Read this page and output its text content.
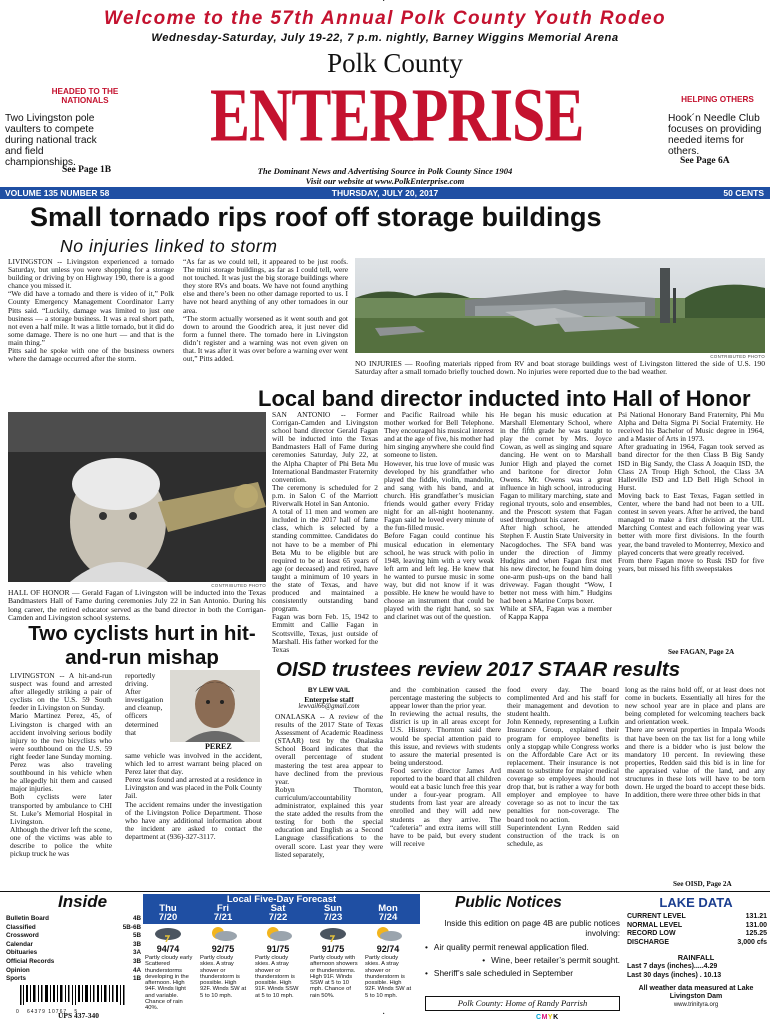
·
Welcome to the 57th Annual Polk County Youth Rodeo
Wednesday-Saturday, July 19-22, 7 p.m. nightly, Barney Wiggins Memorial Arena
Polk County
ENTERPRISE
The Dominant News and Advertising Source in Polk County Since 1904
Visit our website at www.PolkEnterprise.com
HEADED TO THE NATIONALS
Two Livingston pole vaulters to compete during national track and field championships.
See Page 1B
HELPING OTHERS
Hook´n Needle Club focuses on providing needed items for others.
See Page 6A
VOLUME 135 NUMBER 58	THURSDAY, JULY 20, 2017	50 CENTS
Small tornado rips roof off storage buildings
No injuries linked to storm
LIVINGSTON -- Livingston experienced a tornado Saturday, but unless you were shopping for a storage building or driving by on Highway 190, there is a good chance you missed it.
“We did have a tornado and there is video of it,” Polk County Emergency Management Coordinator Larry Pitts said. “Luckily, damage was limited to just one business — a storage business. It was a real short path, not even a half mile. It was a little tornado, but it did do some damage. There is no one hurt — and that is the main thing.”
Pitts said he spoke with one of the business owners where the damage occurred after the storm.
“As far as we could tell, it appeared to be just roofs. The mini storage buildings, as far as I could tell, were not touched. It was just the big storage buildings where they store RVs and boats. We have not found anything else and there’s been no other damage reported to us. I have not heard anything of any other tornadoes in our area.
“The storm actually worsened as it went south and got down to around the Goodrich area, it just never did form a funnel there. The tornado here in Livingston didn’t register and a warning was not even given on that. It was after it was over before a warning ever went out,” Pitts added.	CONTRIBUTED PHOTO
NO INJURIES — Roofing materials ripped from RV and boat storage buildings west of Livingston littered the side of U.S. 190 Saturday after a small tornado briefly touched down. No injuries were reported due to the bad weather.
Local band director inducted into Hall of Honor
CONTRIBUTED PHOTO
HALL OF HONOR — Gerald Fagan of Livingston will be inducted into the Texas Bandmasters Hall of Fame during ceremonies July 22 in San Antonio. During his long career, the retired educator served as the band director in both the Corrigan-Camden and Livingston school systems.
SAN ANTONIO -- Former Corrigan-Camden and Livingston school band director Gerald Fagan will be inducted into the Texas Bandmasters Hall of Fame during ceremonies Saturday, July 22, at the Alpha Chapter of Phi Beta Mu International Bandmaster Fraternity convention.
The ceremony is scheduled for 2 p.m. in Salon C of the Marriott Riverwalk Hotel in San Antonio.
A total of 11 men and women are included in the 2017 hall of fame class, which is selected by a standing committee. Candidates do not have to be a member of Phi Beta Mu to be eligible but are required to be at least 65 years of age (or deceased) and retired, have taught a minimum of 10 years in the state of Texas, and have produced and maintained a consistently outstanding band program.
Fagan was born Feb. 15, 1942 to Emmitt and Callie Fagan in Scottsville, Texas, just outside of Marshall. His father worked for the Texas
and Pacific Railroad while his mother worked for Bell Telephone. They encouraged his musical interest and at the age of five, his mother had him singing anywhere she could find someone to listen.
However, his true love of music was developed by his grandfather who played the fiddle, violin, mandolin, and sang with his band, and at church. His grandfather’s musician friends would gather every Friday night for an all-night hootenanny. Fagan said he loved every minute of the fun-filled music.
Before Fagan could continue his musical education in elementary school, he was struck with polio in 1948, leaving him with a very weak left arm and left leg. He knew that he wanted to pursue music in some way, but did not know if it was possible. He knew he would have to choose an instrument that could be played with the right hand, so sax and clarinet was out of the question.
He began his music education at Marshall Elementary School, where in the fifth grade he was taught to play the cornet by Mrs. Joyce Cowan, as well as singing and square dancing. He went on to Marshall Junior High and played the cornet and baritone for director John Owens. Mr. Owens was a great influence in high school, introducing Fagan to military marching, state and regional tryouts, solo and ensembles, and the Prescott system that Fagan used throughout his career.
After high school, he attended Stephen F. Austin State University in Nacogdoches. The SFA band was under the direction of Jimmy Hudgins and when Fagan first met his new director, he found him doing one-arm push-ups on the band hall driveway. Fagan thought “Wow, I better not mess with him.” Hudgins had been a Marine Corps boxer.
While at SFA, Fagan was a member of Kappa Kappa
Psi National Honorary Band Fraternity, Phi Mu Alpha and Delta Sigma Pi Social Fraternity. He received his Bachelor of Music degree in 1964, and a Master of Arts in 1973.
After graduating in 1964, Fagan took served as band director for the then Class B Big Sandy ISD in Big Sandy, the Class A Joaquin ISD, the Class 2A Troup High School, the Class 3A Halleville ISD and LD Bell High School in Hurst.
Moving back to East Texas, Fagan settled in Center, where the band had not been to a UIL contest in seven years. After he arrived, the band managed to make a first division at the UIL Marching Contest and each following year was better with more first divisions. In the fourth year, the band traveled to Monterrey, Mexico and played concerts that were greatly received.
From there Fagan move to Rusk ISD for five years, but missed his fifth sweepstakes
See FAGAN, Page 2A
Two cyclists hurt in hit-and-run mishap
LIVINGSTON -- A hit-and-run suspect was found and arrested after allegedly striking a pair of cyclists on the U.S. 59 South feeder in Livingston on Sunday.
Mario Martinez Perez, 45, of Livingston is charged with an accident involving serious bodily injury to the two bicyclists who were southbound on the U.S. 59 right feeder lane Sunday morning. Perez was also traveling southbound in his vehicle when he allegedly hit them and caused major injuries.
Both cyclists were later transported by ambulance to CHI St. Luke’s Memorial Hospital in Livingston.
Although the driver left the scene, one of the victims was able to describe to police the white pickup truck he was
reportedly driving. After investigation and cleanup, officers determined that
PEREZ
same vehicle was involved in the accident, which led to arrest warrant being placed on Perez later that day.
Perez was found and arrested at a residence in Livingston and was placed in the Polk County Jail.
The accident remains under the investigation of the Livingston Police Department. Those who have any additional information about the incident are asked to contact the department at (936)-327-3117.
OISD trustees review 2017 STAAR results
BY LEW VAIL
Enterprise staff
lewvail66@gmail.com
ONALASKA -- A review of the results of the 2017 State of Texas Assessment of Academic Readiness (STAAR) test by the Onalaska School Board indicates that the overall percentage of student mastering the test area appear to have declined from the previous year.
Robyn Thornton, curriculum/accountability administrator, explained this year the state added the results from the testing for both the special education and English as a Second Language classifications to the overall score. Last year they were listed separately,
and the combination caused the percentage mastering the subjects to appear lower than the prior year.
In reviewing the actual results, the district is up in all areas except for U.S. History. Thornton said there would be special attention paid to this issue, and reviews with students to assure the material presented is being understood.
Food service director James Ard reported to the board that all children would eat a basic lunch free this year under a four-year program. All students from last year are already enrolled and they will add new students as they arrive. The “cafeteria” and extra items will still have to be paid, but every student will receive
food every day. The board complimented Ard and his staff for their management and devotion to student health.
John Kennedy, representing a Lufkin Insurance Group, explained their program for employee benefits is only a stopgap while Congress works on the Affordable Care Act or its replacement. Their insurance is not meant to substitute for major medical coverage so employees should not drop that, but is rather a way for both employer and employee to have coverage so as not to incur the tax penalties for non-coverage. The board took no action.
Superintendent Lynn Redden said construction of the track is on schedule, as
long as the rains hold off, or at least does not come in buckets. Essentially all hires for the new school year are in place and plans are being completed for welcoming teachers back and orientation week.
There are several properties in Impala Woods that have been on the tax list for a long while and there is a bidder who is just below the mandatory 10 percent. In reviewing these properties, Redden said this bid is in line for the appraised value of the land, and any structures in these lots will have to be torn down. He urged the board to accept these bids. In addition, there were three other bids in that
See OISD, Page 2A
Inside
Bulletin Board	4B
Classified	5B-6B
Crossword	5B
Calendar	3B
Obituaries	3A
Official Records	3B
Opinion	4A
Sports	1B
0   64379 10767   5
UPS 437-340
Local Five-Day Forecast
Thu
7/20
Fri
7/21
Sat
7/22
Sun
7/23
Mon
7/24
94/74	92/75	91/75	91/75	92/74
Partly cloudy early Scattered thunderstorms developing in the afternoon. High 94F. Winds light and variable. Chance of rain 40%.
Partly cloudy skies. A stray shower or thunderstorm is possible. High 92F. Winds SW at 5 to 10 mph.
Partly cloudy skies. A stray shower or thunderstorm is possible. High 91F. Winds SSW at 5 to 10 mph.
Partly cloudy with afternoon showers or thunderstorms. High 91F. Winds SSW at 5 to 10 mph. Chance of rain 50%.
Partly cloudy skies. A stray shower or thunderstorm is possible. High 92F. Winds SW at 5 to 10 mph.
Public Notices
Inside this edition on page 4B are public notices involving:
• Air quality permit renewal application filed.
• Wine, beer retailer’s permit sought.
• Sheriff’s sale scheduled in September
Polk County: Home of Randy Parrish
LAKE DATA
CURRENT LEVEL	131.21
NORMAL LEVEL	131.00
RECORD LOW	125.25
DISCHARGE	3,000 cfs
RAINFALL
Last 7 days (inches).....4.29
Last 30 days (inches) . 10.13
All weather data measured at Lake Livingston Dam
www.trinityra.org
CMYK
·
